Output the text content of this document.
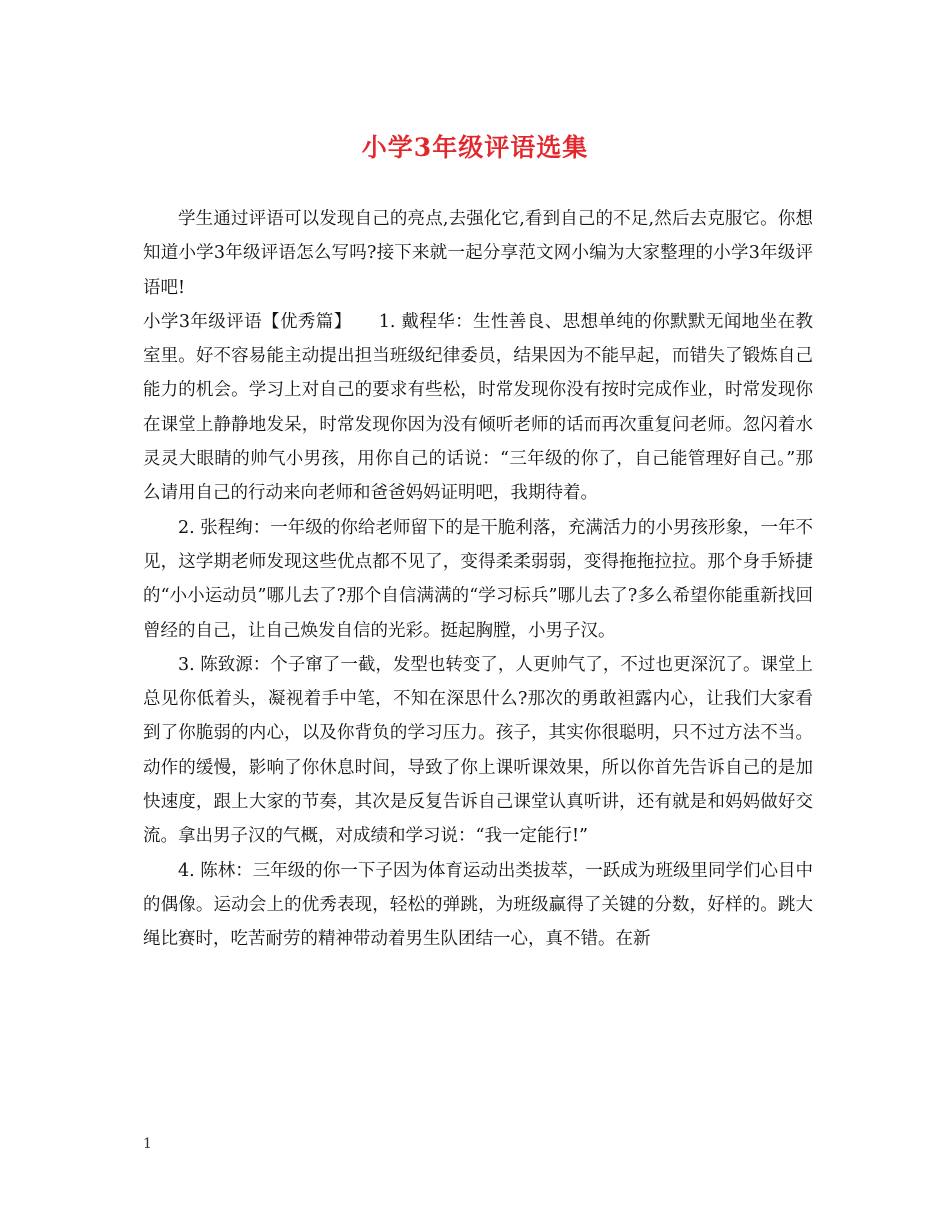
小学3年级评语选集

学生通过评语可以发现自己的亮点,去强化它,看到自己的不足,然后去克服它。你想知道小学3年级评语怎么写吗?接下来就一起分享范文网小编为大家整理的小学3年级评语吧!

小学3年级评语【优秀篇】　　 1. 戴程华：生性善良、思想单纯的你默默无闻地坐在教室里。好不容易能主动提出担当班级纪律委员，结果因为不能早起，而错失了锻炼自己能力的机会。学习上对自己的要求有些松，时常发现你没有按时完成作业，时常发现你在课堂上静静地发呆，时常发现你因为没有倾听老师的话而再次重复问老师。忽闪着水灵灵大眼睛的帅气小男孩，用你自己的话说：“三年级的你了，自己能管理好自己。”那么请用自己的行动来向老师和爸爸妈妈证明吧，我期待着。

2. 张程绚：一年级的你给老师留下的是干脆利落，充满活力的小男孩形象，一年不见，这学期老师发现这些优点都不见了，变得柔柔弱弱，变得拖拖拉拉。那个身手矫捷的“小小运动员”哪儿去了?那个自信满满的“学习标兵”哪儿去了?多么希望你能重新找回曾经的自己，让自己焕发自信的光彩。挺起胸膛，小男子汉。

3. 陈致源：个子窜了一截，发型也转变了，人更帅气了，不过也更深沉了。课堂上总见你低着头，凝视着手中笔，不知在深思什么?那次的勇敢袒露内心，让我们大家看到了你脆弱的内心，以及你背负的学习压力。孩子，其实你很聪明，只不过方法不当。动作的缓慢，影响了你休息时间，导致了你上课听课效果，所以你首先告诉自己的是加快速度，跟上大家的节奏，其次是反复告诉自己课堂认真听讲，还有就是和妈妈做好交流。拿出男子汉的气概，对成绩和学习说：“我一定能行!”

4. 陈林：三年级的你一下子因为体育运动出类拔萃，一跃成为班级里同学们心目中的偶像。运动会上的优秀表现，轻松的弹跳，为班级赢得了关键的分数，好样的。跳大绳比赛时，吃苦耐劳的精神带动着男生队团结一心，真不错。在新

1
